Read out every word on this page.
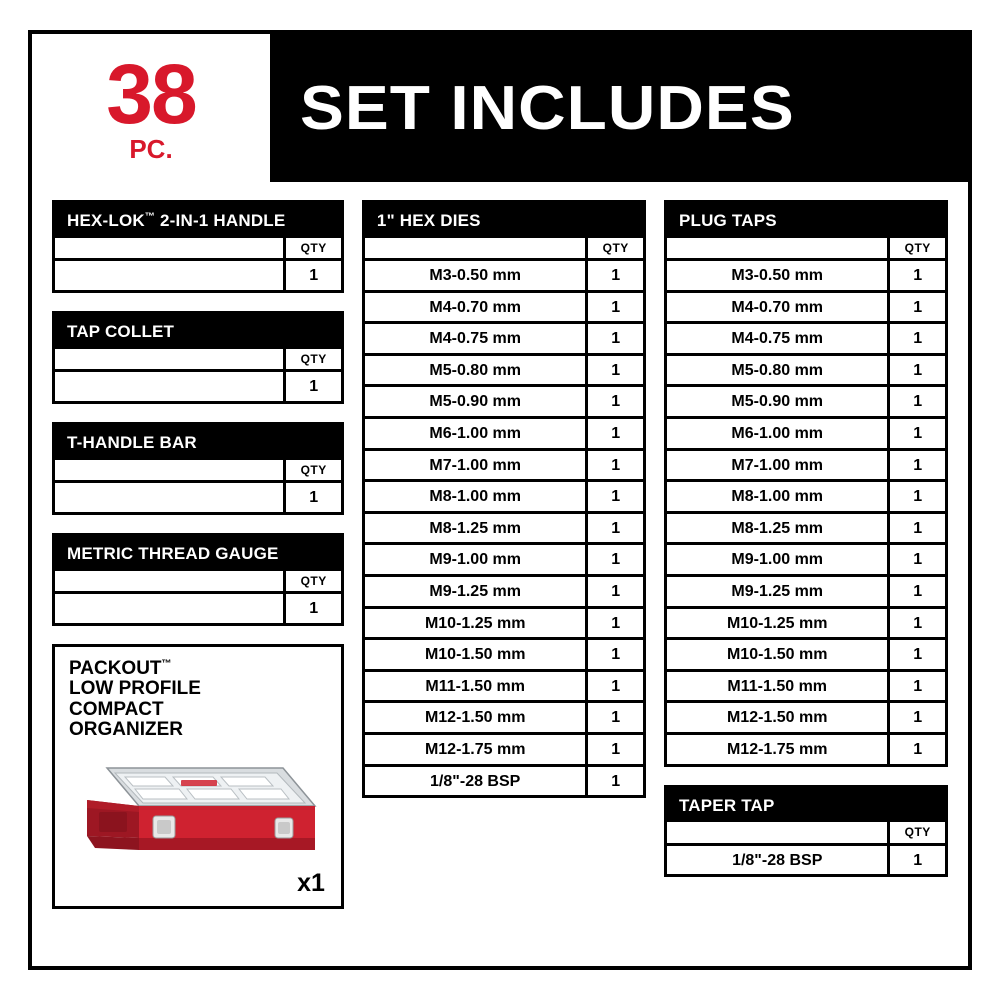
38
PC.
SET INCLUDES
HEX-LOK™ 2-IN-1 HANDLE
	QTY
	1
TAP COLLET
	QTY
	1
T-HANDLE BAR
	QTY
	1
METRIC THREAD GAUGE
	QTY
	1
PACKOUT™
LOW PROFILE
COMPACT
ORGANIZER
x1
1" HEX DIES
	QTY
M3-0.50 mm	1
M4-0.70 mm	1
M4-0.75 mm	1
M5-0.80 mm	1
M5-0.90 mm	1
M6-1.00 mm	1
M7-1.00 mm	1
M8-1.00 mm	1
M8-1.25 mm	1
M9-1.00 mm	1
M9-1.25 mm	1
M10-1.25 mm	1
M10-1.50 mm	1
M11-1.50 mm	1
M12-1.50 mm	1
M12-1.75 mm	1
1/8"-28 BSP	1
PLUG TAPS
	QTY
M3-0.50 mm	1
M4-0.70 mm	1
M4-0.75 mm	1
M5-0.80 mm	1
M5-0.90 mm	1
M6-1.00 mm	1
M7-1.00 mm	1
M8-1.00 mm	1
M8-1.25 mm	1
M9-1.00 mm	1
M9-1.25 mm	1
M10-1.25 mm	1
M10-1.50 mm	1
M11-1.50 mm	1
M12-1.50 mm	1
M12-1.75 mm	1
TAPER TAP
	QTY
1/8"-28 BSP	1
